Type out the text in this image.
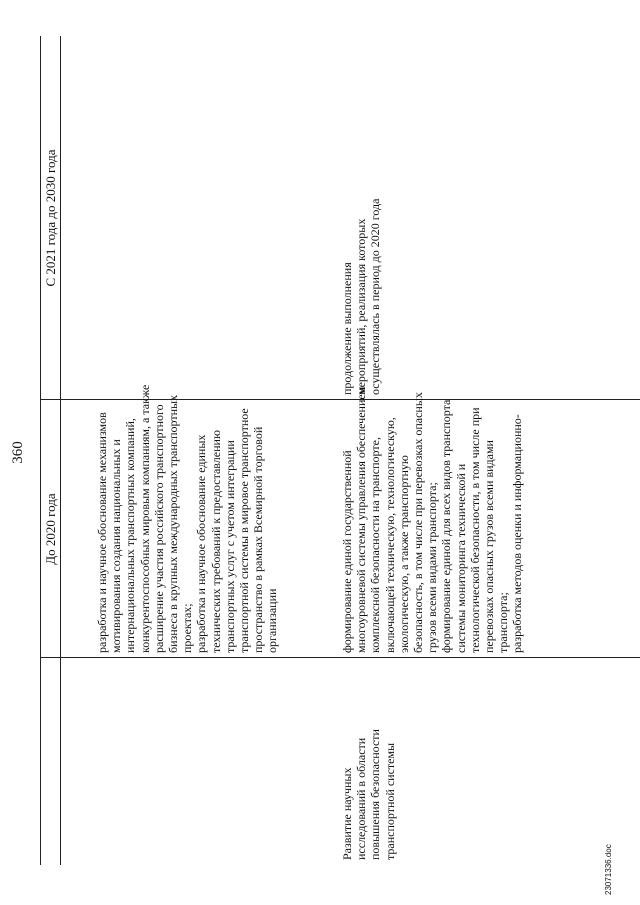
360
До 2020 года
С 2021 года до 2030 года
разработка и научное обоснование механизмов мотивирования создания национальных и интернациональных транспортных компаний, конкурентоспособных мировым компаниям, а также расширение участия российского транспортного бизнеса в крупных международных транспортных проектах; разработка и научное обоснование единых технических требований к предоставлению транспортных услуг с учетом интеграции транспортной системы в мировое транспортное пространство в рамках Всемирной торговой организации
Развитие научных исследований в области повышения безопасности транспортной системы
формирование единой государственной многоуровневой системы управления обеспечением комплексной безопасности на транспорте, включающей техническую, технологическую, экологическую, а также транспортную безопасность, в том числе при перевозках опасных грузов всеми видами транспорта; формирование единой для всех видов транспорта системы мониторинга технической и технологической безопасности, в том числе при перевозках опасных грузов всеми видами транспорта; разработка методов оценки и информационно-
продолжение выполнения мероприятий, реализация которых осуществлялась в период до 2020 года
23071336.doc
